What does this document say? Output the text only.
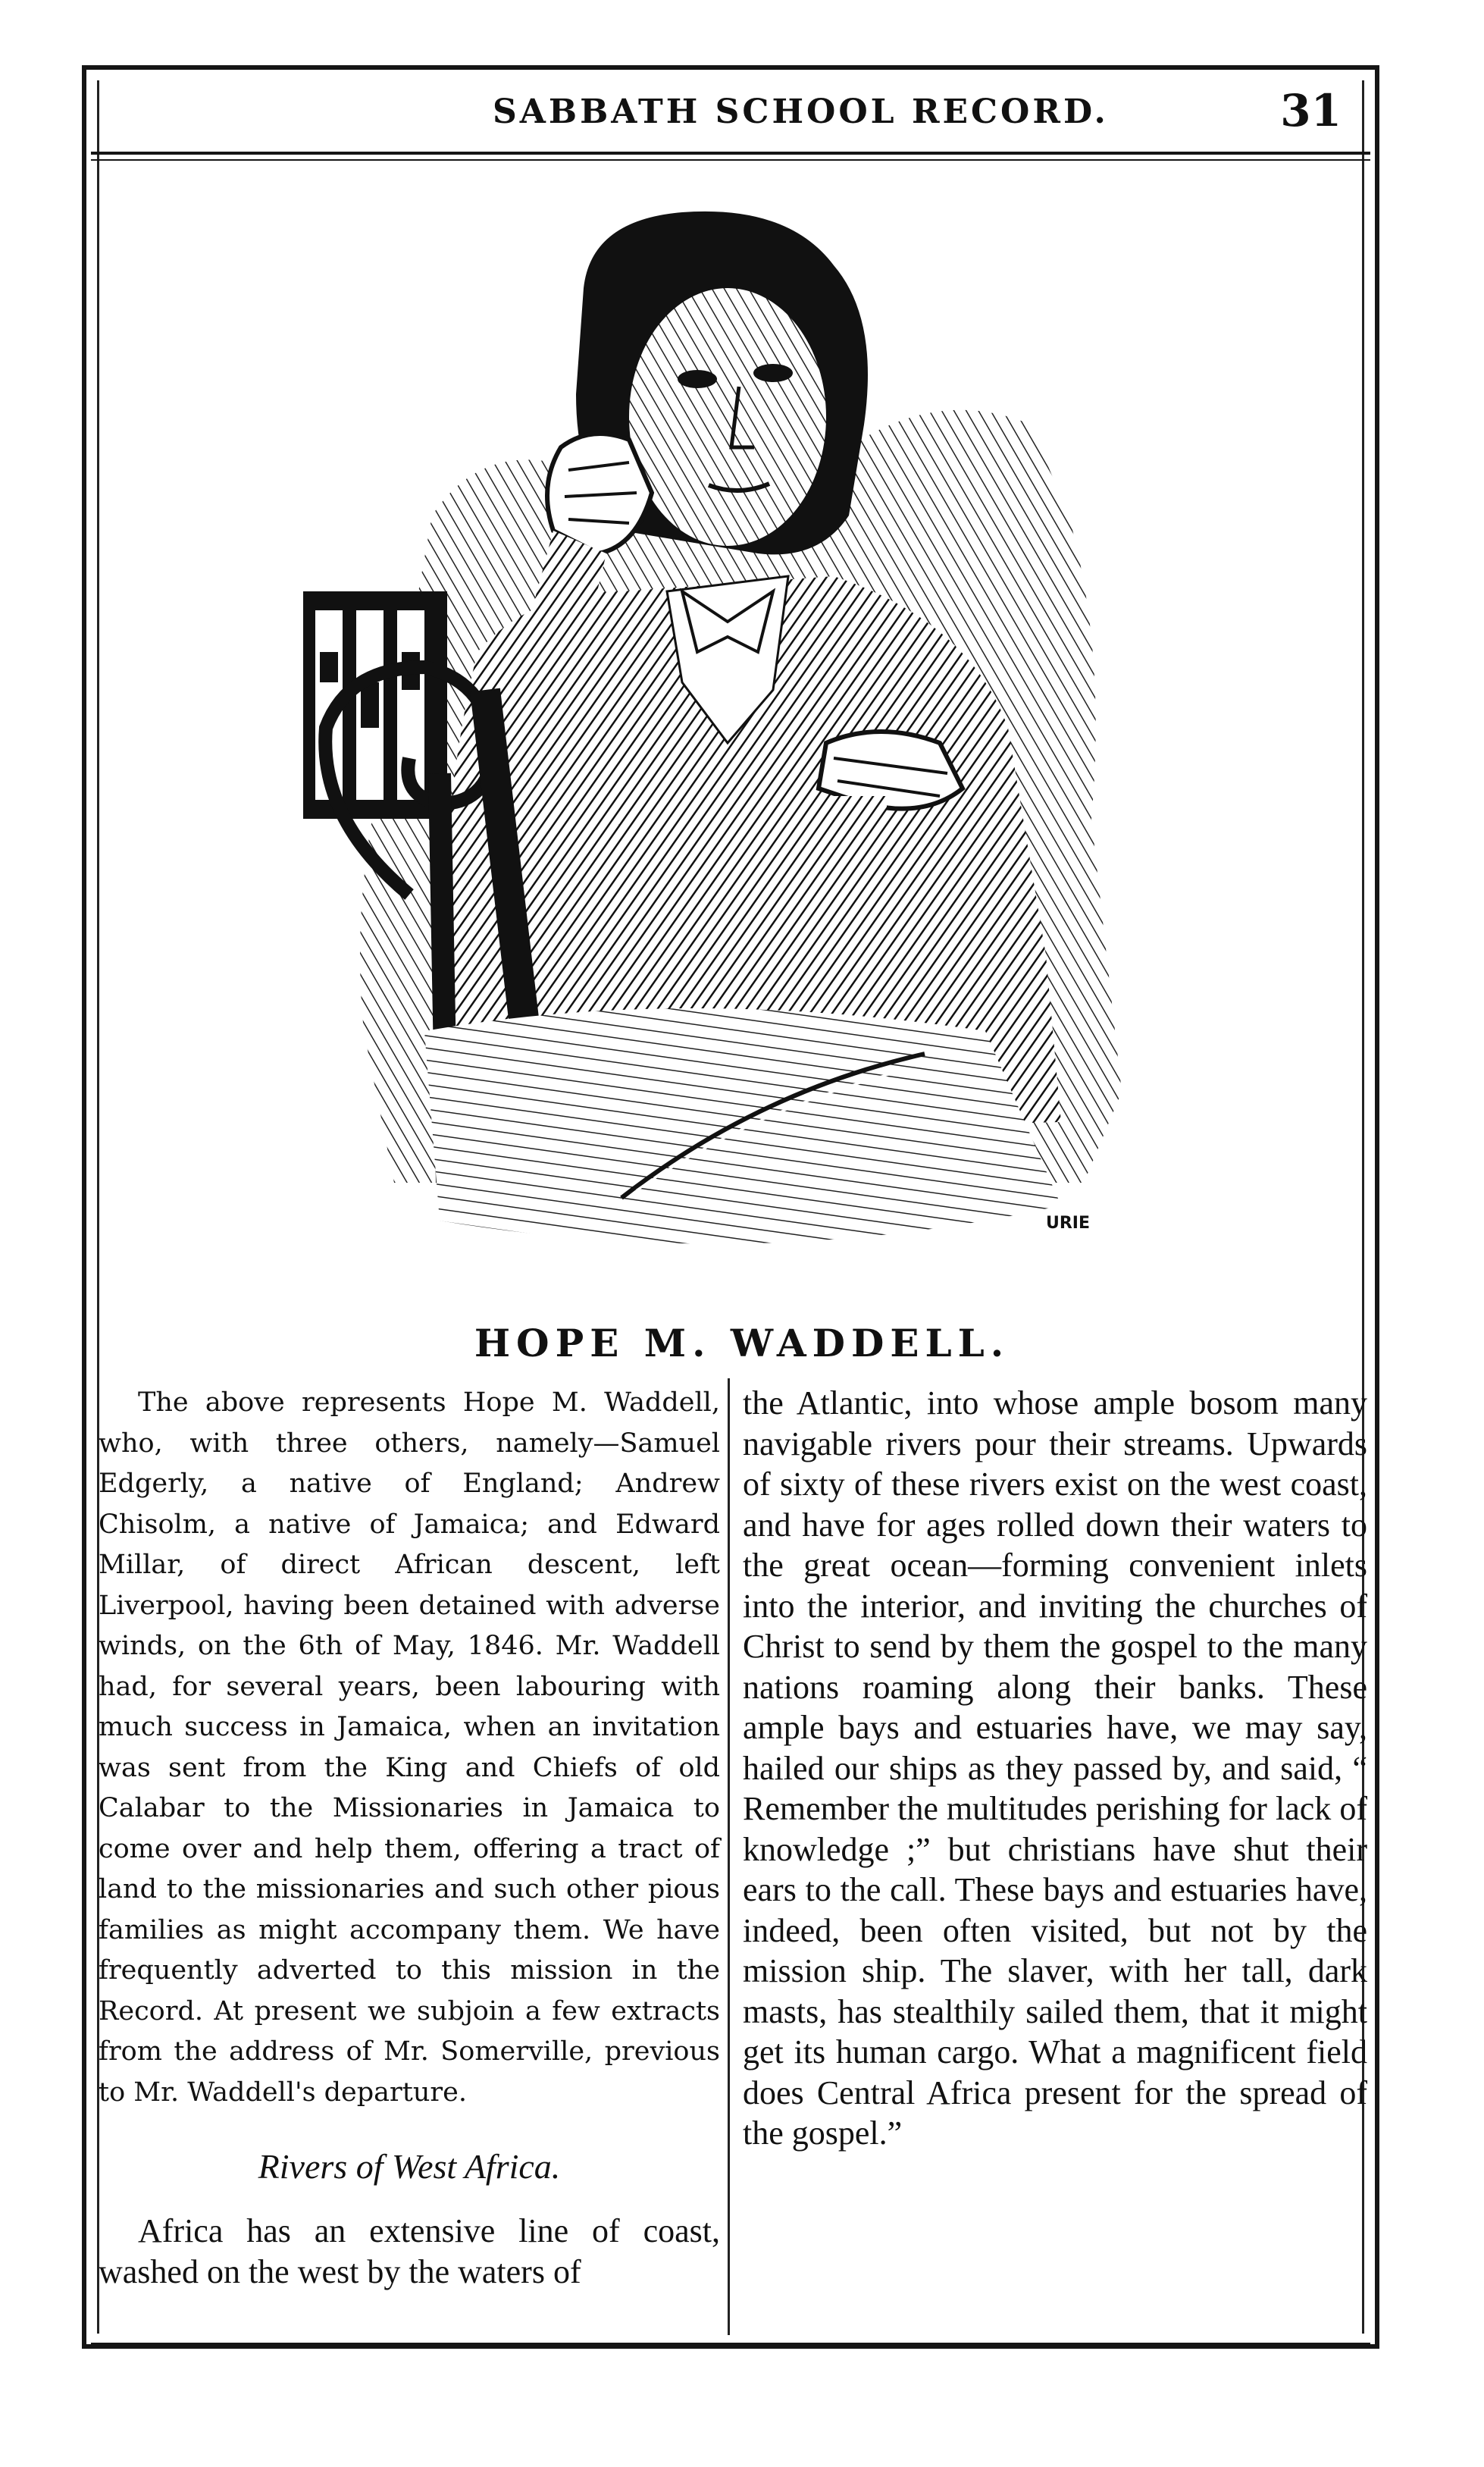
SABBATH SCHOOL RECORD.	31
URIE
HOPE M. WADDELL.

The above represents Hope M. Waddell, who, with three others, namely—Samuel Edgerly, a native of England; Andrew Chisolm, a native of Jamaica; and Edward Millar, of direct African descent, left Liverpool, having been detained with adverse winds, on the 6th of May, 1846. Mr. Waddell had, for several years, been labouring with much success in Jamaica, when an invitation was sent from the King and Chiefs of old Calabar to the Missionaries in Jamaica to come over and help them, offering a tract of land to the missionaries and such other pious families as might accompany them. We have frequently adverted to this mission in the Record. At present we subjoin a few extracts from the address of Mr. Somerville, previous to Mr. Waddell's departure.

Rivers of West Africa.

Africa has an extensive line of coast, washed on the west by the waters of

the Atlantic, into whose ample bosom many navigable rivers pour their streams. Upwards of sixty of these rivers exist on the west coast, and have for ages rolled down their waters to the great ocean—forming convenient inlets into the interior, and inviting the churches of Christ to send by them the gospel to the many nations roaming along their banks. These ample bays and estuaries have, we may say, hailed our ships as they passed by, and said, “ Remember the multitudes perishing for lack of knowledge ;” but christians have shut their ears to the call. These bays and estuaries have, indeed, been often visited, but not by the mission ship. The slaver, with her tall, dark masts, has stealthily sailed them, that it might get its human cargo. What a magnificent field does Central Africa present for the spread of the gospel.”
